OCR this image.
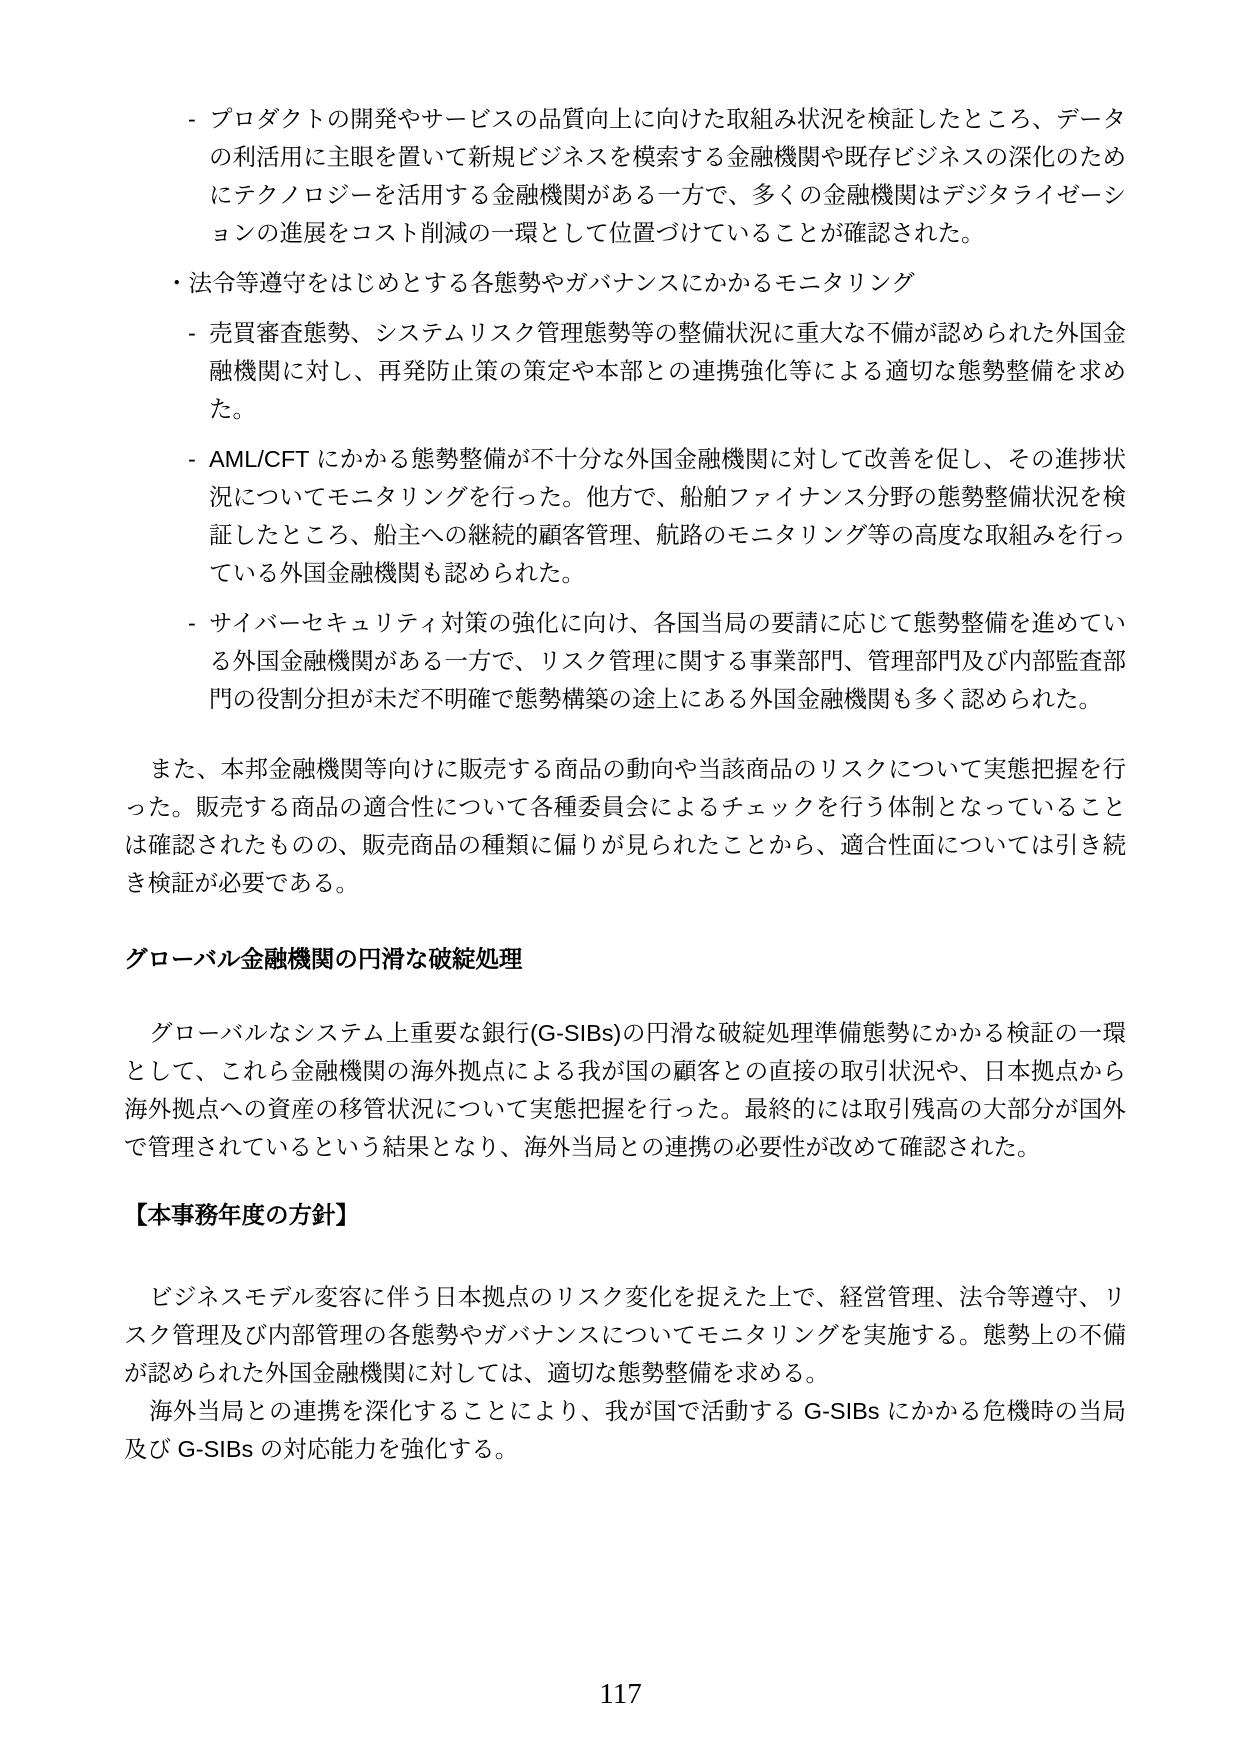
- プロダクトの開発やサービスの品質向上に向けた取組み状況を検証したところ、データの利活用に主眼を置いて新規ビジネスを模索する金融機関や既存ビジネスの深化のためにテクノロジーを活用する金融機関がある一方で、多くの金融機関はデジタライゼーションの進展をコスト削減の一環として位置づけていることが確認された。
・ 法令等遵守をはじめとする各態勢やガバナンスにかかるモニタリング
- 売買審査態勢、システムリスク管理態勢等の整備状況に重大な不備が認められた外国金融機関に対し、再発防止策の策定や本部との連携強化等による適切な態勢整備を求めた。
- AML/CFT にかかる態勢整備が不十分な外国金融機関に対して改善を促し、その進捗状況についてモニタリングを行った。他方で、船舶ファイナンス分野の態勢整備状況を検証したところ、船主への継続的顧客管理、航路のモニタリング等の高度な取組みを行っている外国金融機関も認められた。
- サイバーセキュリティ対策の強化に向け、各国当局の要請に応じて態勢整備を進めている外国金融機関がある一方で、リスク管理に関する事業部門、管理部門及び内部監査部門の役割分担が未だ不明確で態勢構築の途上にある外国金融機関も多く認められた。

また、本邦金融機関等向けに販売する商品の動向や当該商品のリスクについて実態把握を行った。販売する商品の適合性について各種委員会によるチェックを行う体制となっていることは確認されたものの、販売商品の種類に偏りが見られたことから、適合性面については引き続き検証が必要である。

グローバル金融機関の円滑な破綻処理

グローバルなシステム上重要な銀行(G-SIBs)の円滑な破綻処理準備態勢にかかる検証の一環として、これら金融機関の海外拠点による我が国の顧客との直接の取引状況や、日本拠点から海外拠点への資産の移管状況について実態把握を行った。最終的には取引残高の大部分が国外で管理されているという結果となり、海外当局との連携の必要性が改めて確認された。

【本事務年度の方針】

ビジネスモデル変容に伴う日本拠点のリスク変化を捉えた上で、経営管理、法令等遵守、リスク管理及び内部管理の各態勢やガバナンスについてモニタリングを実施する。態勢上の不備が認められた外国金融機関に対しては、適切な態勢整備を求める。

海外当局との連携を深化することにより、我が国で活動する G-SIBs にかかる危機時の当局及び G-SIBs の対応能力を強化する。

117
